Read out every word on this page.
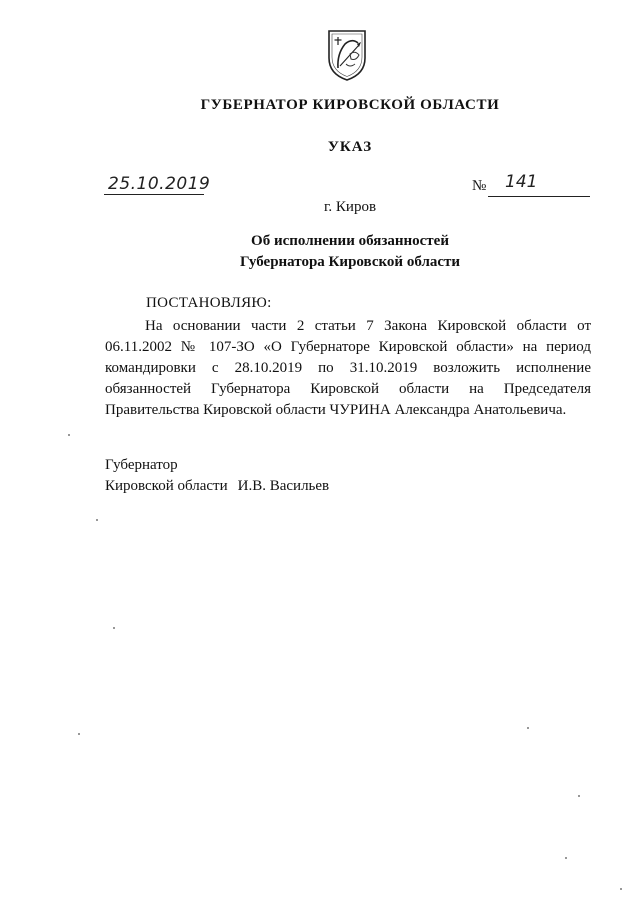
ГУБЕРНАТОР КИРОВСКОЙ ОБЛАСТИ
УКАЗ
25.10.2019	№ 141
г. Киров
Об исполнении обязанностей
Губернатора Кировской области
ПОСТАНОВЛЯЮ:

На основании части 2 статьи 7 Закона Кировской области от 06.11.2002 № 107-ЗО «О Губернаторе Кировской области» на период командировки с 28.10.2019 по 31.10.2019 возложить исполнение обязанностей Губернатора Кировской области на Председателя Правительства Кировской области ЧУРИНА Александра Анатольевича.

Губернатор
Кировской области И.В. Васильев
